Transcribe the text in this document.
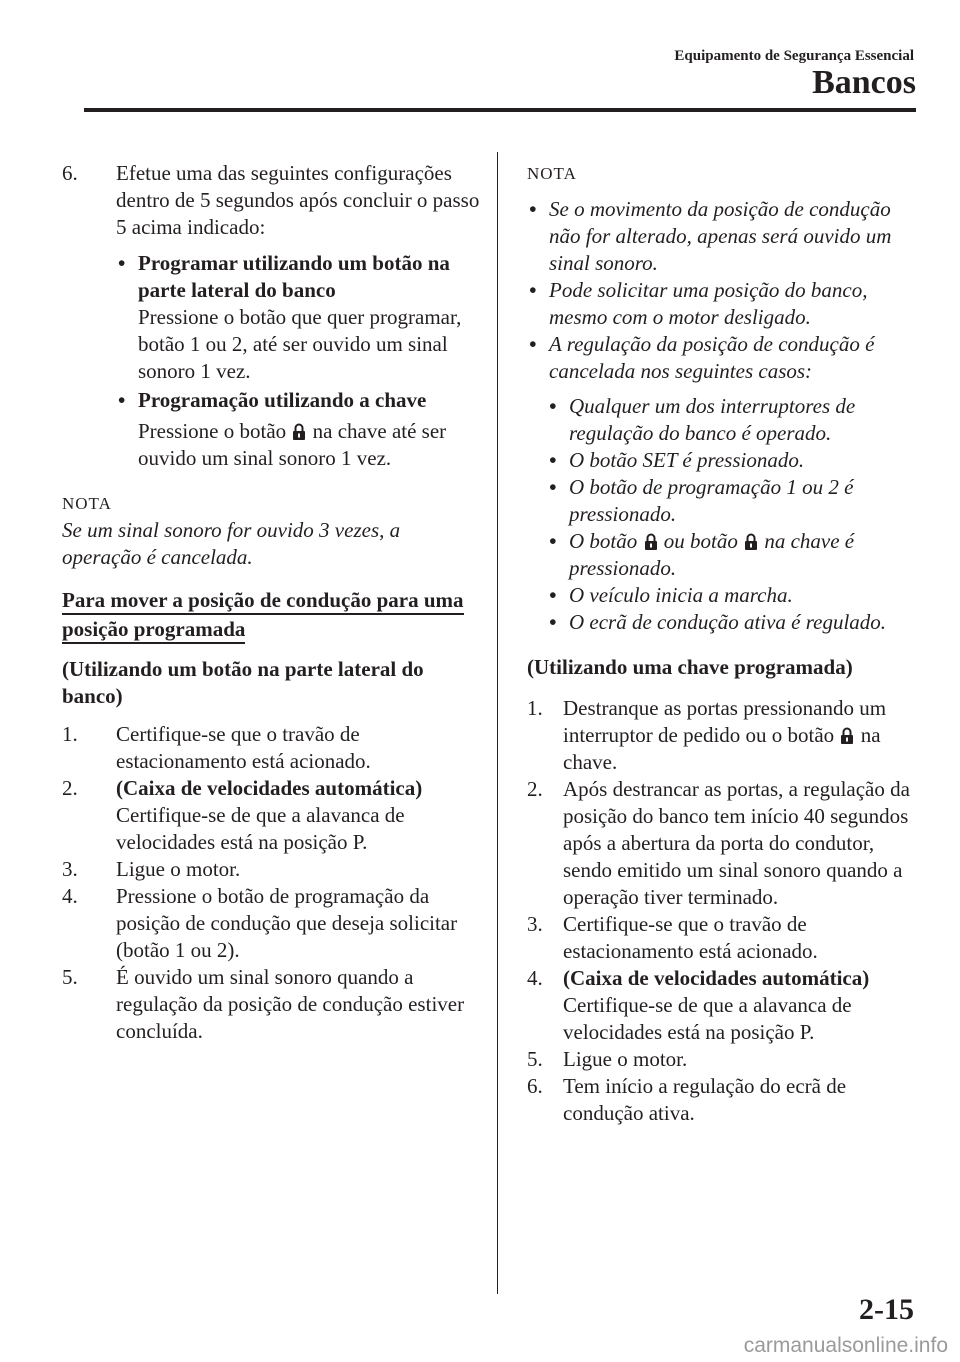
Equipamento de Segurança Essencial
Bancos
6. Efetue uma das seguintes configurações dentro de 5 segundos após concluir o passo 5 acima indicado:
• Programar utilizando um botão na parte lateral do banco
Pressione o botão que quer programar, botão 1 ou 2, até ser ouvido um sinal sonoro 1 vez.
• Programação utilizando a chave
Pressione o botão na chave até ser ouvido um sinal sonoro 1 vez.
NOTA
Se um sinal sonoro for ouvido 3 vezes, a operação é cancelada.
Para mover a posição de condução para uma posição programada
(Utilizando um botão na parte lateral do banco)
1. Certifique-se que o travão de estacionamento está acionado.
2. (Caixa de velocidades automática)
Certifique-se de que a alavanca de velocidades está na posição P.
3. Ligue o motor.
4. Pressione o botão de programação da posição de condução que deseja solicitar (botão 1 ou 2).
5. É ouvido um sinal sonoro quando a regulação da posição de condução estiver concluída.
NOTA
• Se o movimento da posição de condução não for alterado, apenas será ouvido um sinal sonoro.
• Pode solicitar uma posição do banco, mesmo com o motor desligado.
• A regulação da posição de condução é cancelada nos seguintes casos:
• Qualquer um dos interruptores de regulação do banco é operado.
• O botão SET é pressionado.
• O botão de programação 1 ou 2 é pressionado.
• O botão ou botão na chave é pressionado.
• O veículo inicia a marcha.
• O ecrã de condução ativa é regulado.
(Utilizando uma chave programada)
1. Destranque as portas pressionando um interruptor de pedido ou o botão na chave.
2. Após destrancar as portas, a regulação da posição do banco tem início 40 segundos após a abertura da porta do condutor, sendo emitido um sinal sonoro quando a operação tiver terminado.
3. Certifique-se que o travão de estacionamento está acionado.
4. (Caixa de velocidades automática)
Certifique-se de que a alavanca de velocidades está na posição P.
5. Ligue o motor.
6. Tem início a regulação do ecrã de condução ativa.
2-15
carmanualsonline.info
